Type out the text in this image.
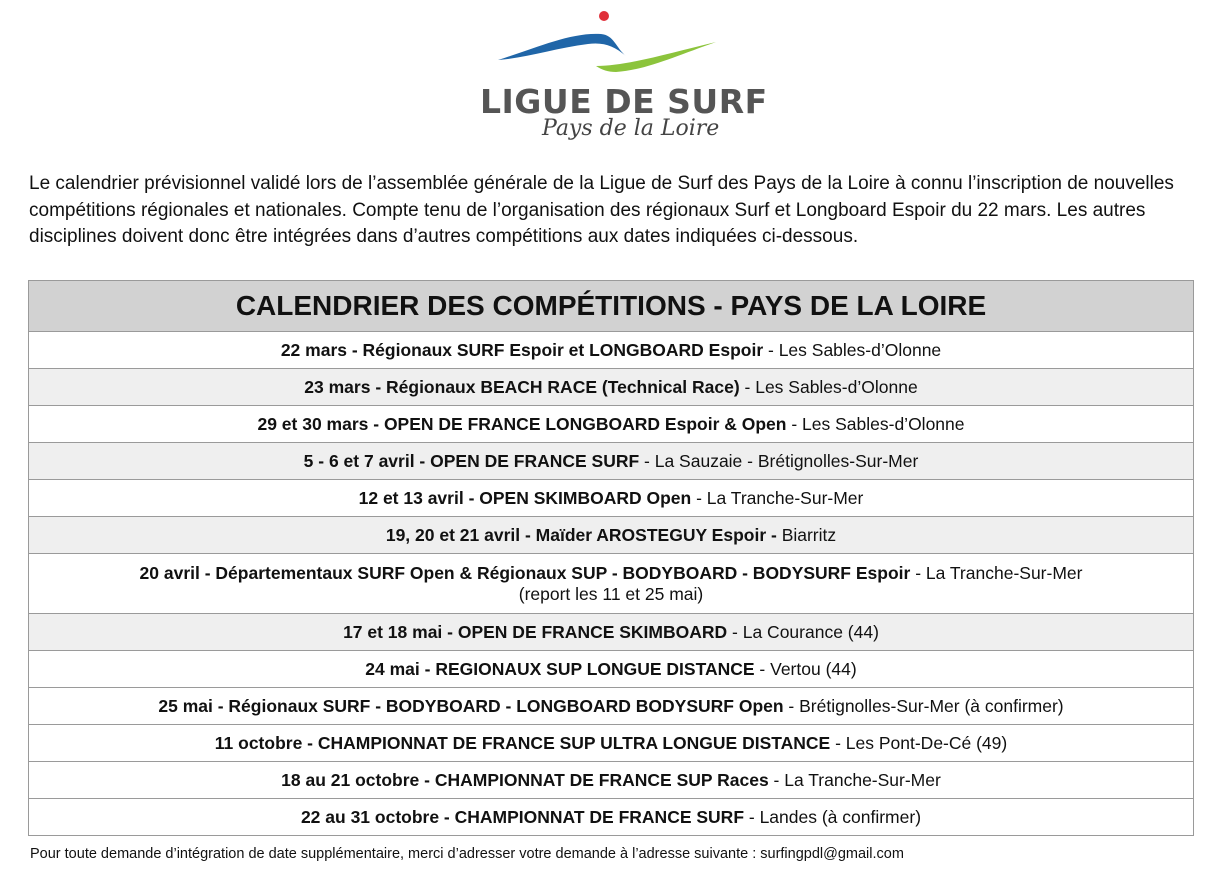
LIGUE DE SURF
Pays de la Loire

Le calendrier prévisionnel validé lors de l’assemblée générale de la Ligue de Surf des Pays de la Loire à connu l’inscription de nouvelles compétitions régionales et nationales. Compte tenu de l’organisation des régionaux Surf et Longboard Espoir du 22 mars. Les autres disciplines doivent donc être intégrées dans d’autres compétitions aux dates indiquées ci-dessous.

CALENDRIER DES COMPÉTITIONS - PAYS DE LA LOIRE
22 mars - Régionaux SURF Espoir et LONGBOARD Espoir - Les Sables-d’Olonne
23 mars - Régionaux BEACH RACE (Technical Race) - Les Sables-d’Olonne
29 et 30 mars - OPEN DE FRANCE LONGBOARD Espoir & Open - Les Sables-d’Olonne
5 - 6 et 7 avril - OPEN DE FRANCE SURF - La Sauzaie - Brétignolles-Sur-Mer
12 et 13 avril - OPEN SKIMBOARD Open - La Tranche-Sur-Mer
19, 20 et 21 avril - Maïder AROSTEGUY Espoir - Biarritz
20 avril - Départementaux SURF Open & Régionaux SUP - BODYBOARD - BODYSURF Espoir - La Tranche-Sur-Mer
(report les 11 et 25 mai)
17 et 18 mai - OPEN DE FRANCE SKIMBOARD - La Courance (44)
24 mai - REGIONAUX SUP LONGUE DISTANCE - Vertou (44)
25 mai - Régionaux SURF - BODYBOARD - LONGBOARD BODYSURF Open - Brétignolles-Sur-Mer (à confirmer)
11 octobre - CHAMPIONNAT DE FRANCE SUP ULTRA LONGUE DISTANCE - Les Pont-De-Cé (49)
18 au 21 octobre - CHAMPIONNAT DE FRANCE SUP Races - La Tranche-Sur-Mer
22 au 31 octobre - CHAMPIONNAT DE FRANCE SURF - Landes (à confirmer)
Pour toute demande d’intégration de date supplémentaire, merci d’adresser votre demande à l’adresse suivante : surfingpdl@gmail.com
